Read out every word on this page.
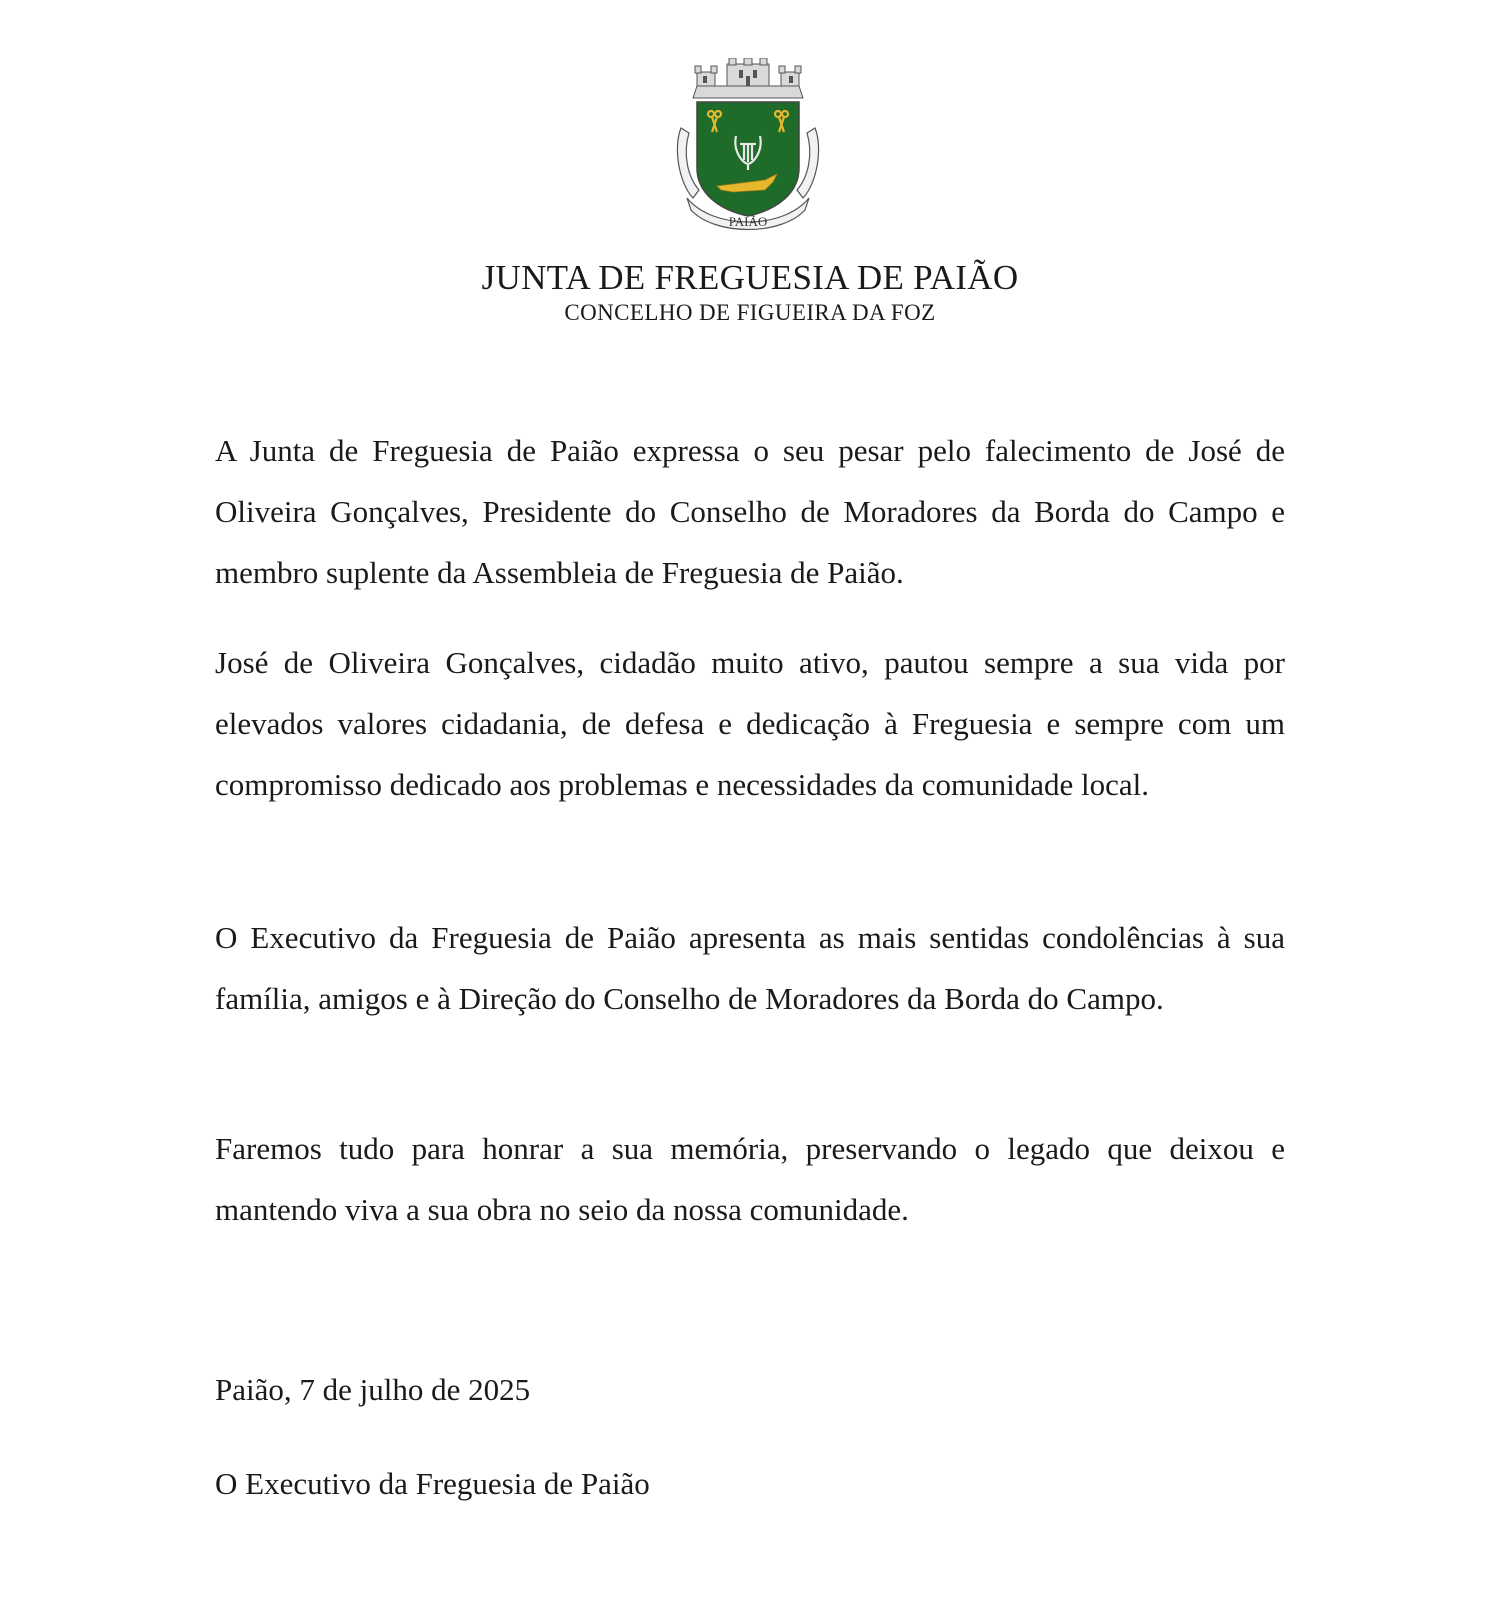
PAIÃO
JUNTA DE FREGUESIA DE PAIÃO
CONCELHO DE FIGUEIRA DA FOZ

A Junta de Freguesia de Paião expressa o seu pesar pelo falecimento de José de Oliveira Gonçalves, Presidente do Conselho de Moradores da Borda do Campo e membro suplente da Assembleia de Freguesia de Paião.

José de Oliveira Gonçalves, cidadão muito ativo, pautou sempre a sua vida por elevados valores cidadania, de defesa e dedicação à Freguesia e sempre com um compromisso dedicado aos problemas e necessidades da comunidade local.

O Executivo da Freguesia de Paião apresenta as mais sentidas condolências à sua família, amigos e à Direção do Conselho de Moradores da Borda do Campo.

Faremos tudo para honrar a sua memória, preservando o legado que deixou e mantendo viva a sua obra no seio da nossa comunidade.

Paião, 7 de julho de 2025

O Executivo da Freguesia de Paião
